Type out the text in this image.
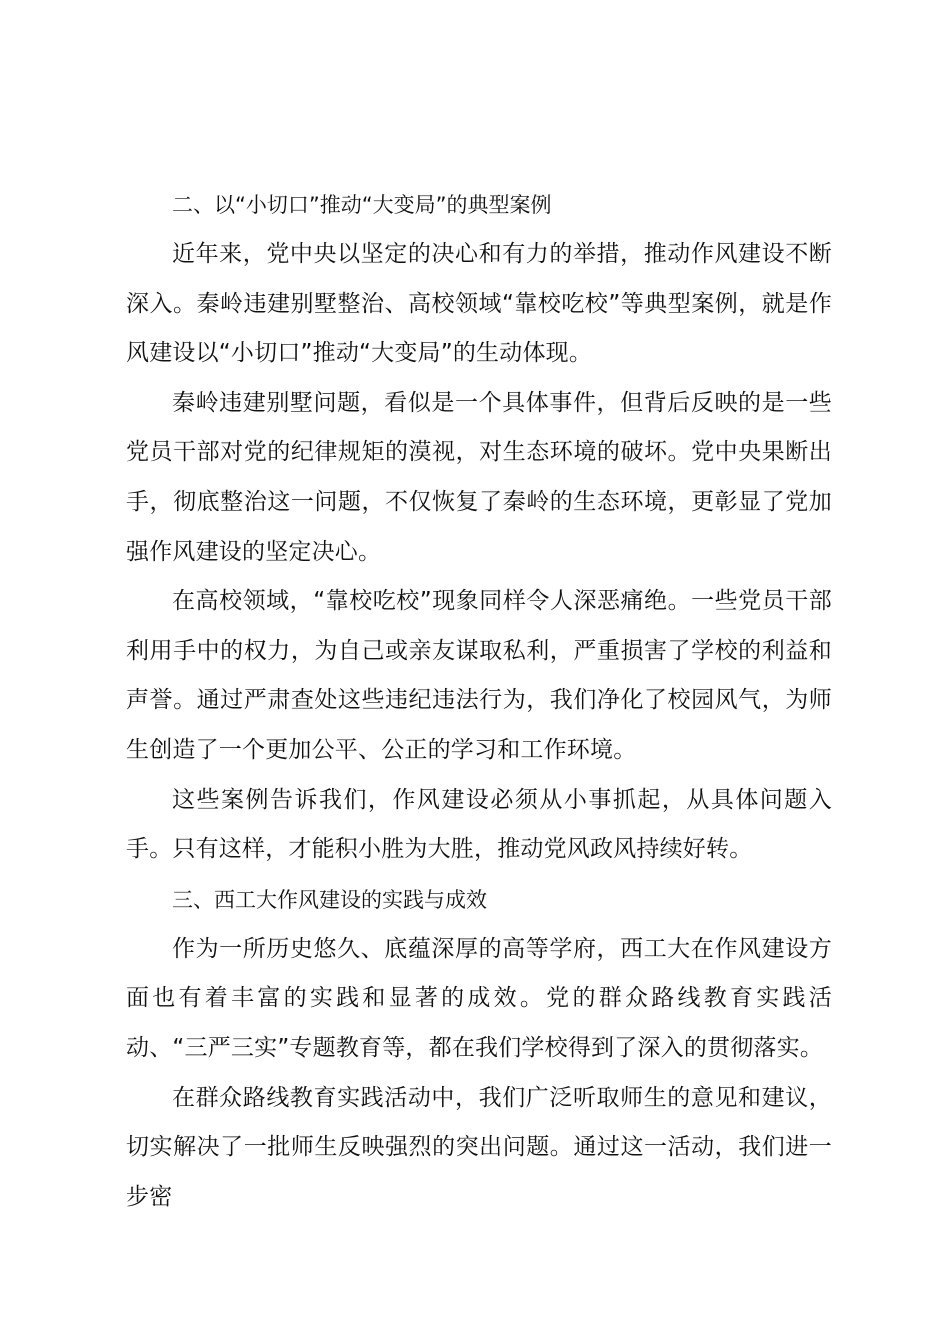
二、以“小切口”推动“大变局”的典型案例

近年来，党中央以坚定的决心和有力的举措，推动作风建设不断深入。秦岭违建别墅整治、高校领域“靠校吃校”等典型案例，就是作风建设以“小切口”推动“大变局”的生动体现。

秦岭违建别墅问题，看似是一个具体事件，但背后反映的是一些党员干部对党的纪律规矩的漠视，对生态环境的破坏。党中央果断出手，彻底整治这一问题，不仅恢复了秦岭的生态环境，更彰显了党加强作风建设的坚定决心。

在高校领域，“靠校吃校”现象同样令人深恶痛绝。一些党员干部利用手中的权力，为自己或亲友谋取私利，严重损害了学校的利益和声誉。通过严肃查处这些违纪违法行为，我们净化了校园风气，为师生创造了一个更加公平、公正的学习和工作环境。

这些案例告诉我们，作风建设必须从小事抓起，从具体问题入手。只有这样，才能积小胜为大胜，推动党风政风持续好转。

三、西工大作风建设的实践与成效

作为一所历史悠久、底蕴深厚的高等学府，西工大在作风建设方面也有着丰富的实践和显著的成效。党的群众路线教育实践活动、“三严三实”专题教育等，都在我们学校得到了深入的贯彻落实。

在群众路线教育实践活动中，我们广泛听取师生的意见和建议，切实解决了一批师生反映强烈的突出问题。通过这一活动，我们进一步密
